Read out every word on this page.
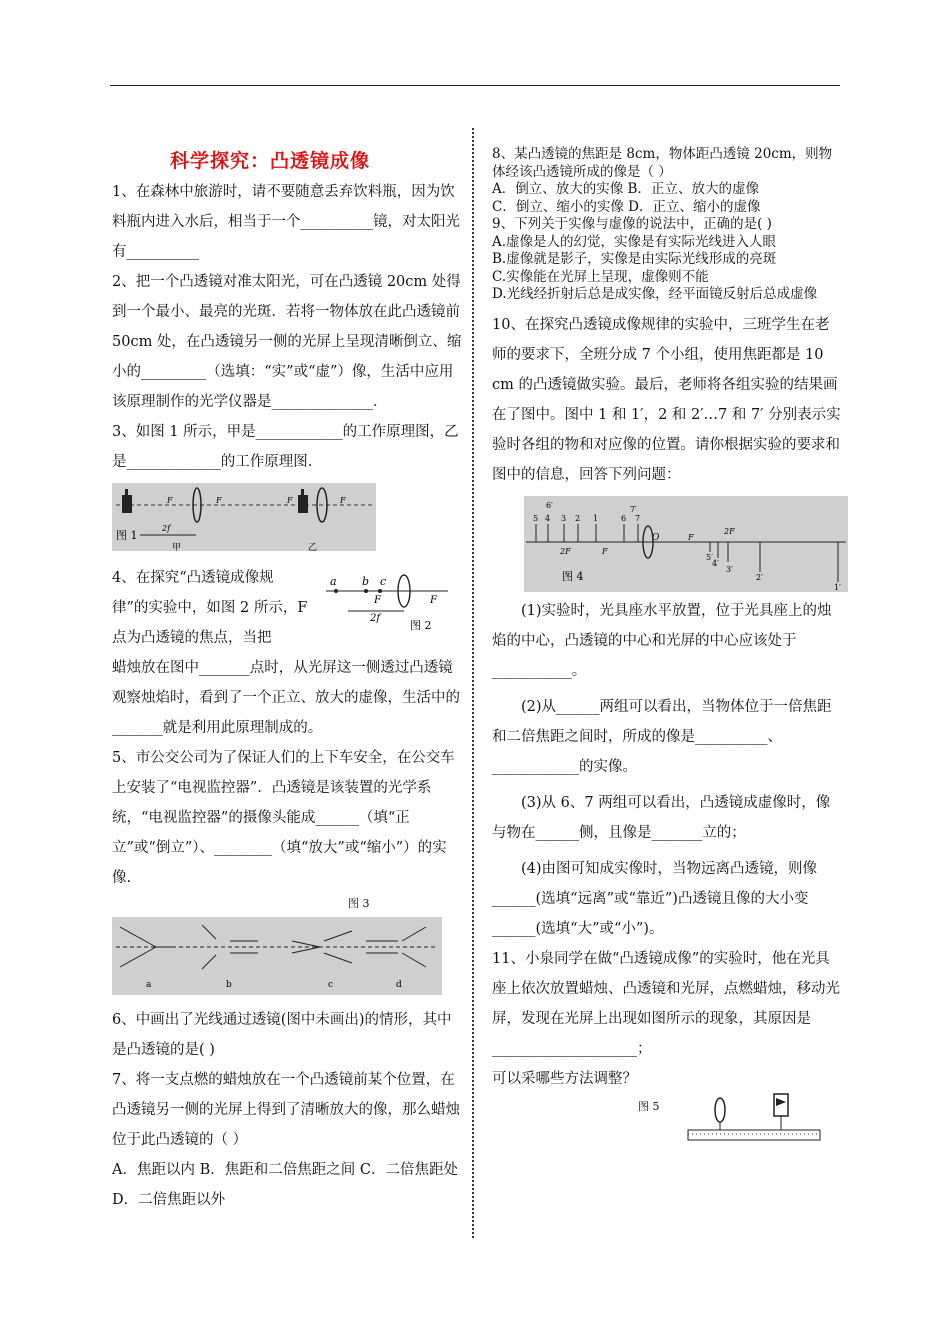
科学探究：凸透镜成像

1、在森林中旅游时，请不要随意丢弃饮料瓶，因为饮料瓶内进入水后，相当于一个__________镜，对太阳光有__________

2、把一个凸透镜对准太阳光，可在凸透镜 20cm 处得到一个最小、最亮的光斑．若将一物体放在此凸透镜前 50cm 处，在凸透镜另一侧的光屏上呈现清晰倒立、缩小的_________（选填：“实”或“虚”）像，生活中应用该原理制作的光学仪器是______________．

3、如图 1 所示，甲是____________的工作原理图，乙是_____________的工作原理图.

F	F
2f
图 1
甲
F	F
乙

4、在探究“凸透镜成像规律”的实验中，如图 2 所示，F 点为凸透镜的焦点，当把

a b c
F	F
2f
图 2

蜡烛放在图中_______点时，从光屏这一侧透过凸透镜观察烛焰时，看到了一个正立、放大的虚像，生活中的_______就是利用此原理制成的。

5、市公交公司为了保证人们的上下车安全，在公交车上安装了“电视监控器”．凸透镜是该装置的光学系统，“电视监控器”的摄像头能成______（填“正立”或“倒立”）、________（填“放大”或“缩小”）的实像.

图 3
a	b	c	d

6、中画出了光线通过透镜(图中未画出)的情形，其中是凸透镜的是( )

7、将一支点燃的蜡烛放在一个凸透镜前某个位置，在凸透镜另一侧的光屏上得到了清晰放大的像，那么蜡烛位于此凸透镜的（ ）

A．焦距以内 B．焦距和二倍焦距之间 C．二倍焦距处 D．二倍焦距以外

8、某凸透镜的焦距是 8cm，物体距凸透镜 20cm，则物体经该凸透镜所成的像是（ ）

A．倒立、放大的实像 B．正立、放大的虚像

C．倒立、缩小的实像 D．正立、缩小的虚像

9、下列关于实像与虚像的说法中，正确的是( )

A.虚像是人的幻觉，实像是有实际光线进入人眼

B.虚像就是影子，实像是由实际光线形成的亮斑

C.实像能在光屏上呈现，虚像则不能

D.光线经折射后总是成实像，经平面镜反射后总成虚像

10、在探究凸透镜成像规律的实验中，三班学生在老师的要求下，全班分成 7 个小组，使用焦距都是 10 cm 的凸透镜做实验。最后，老师将各组实验的结果画在了图中。图中 1 和 1′，2 和 2′…7 和 7′ 分别表示实验时各组的物和对应像的位置。请你根据实验的要求和图中的信息，回答下列问题：

O
2F	F
F
2F
5 4 3 2 1	6 7
6′	7′
5′
4′
3′
2′
1′
图 4

(1)实验时，光具座水平放置，位于光具座上的烛焰的中心，凸透镜的中心和光屏的中心应该处于___________。

(2)从______两组可以看出，当物体位于一倍焦距和二倍焦距之间时，所成的像是__________、____________的实像。

(3)从 6、7 两组可以看出，凸透镜成虚像时，像与物在______侧，且像是_______立的；

(4)由图可知成实像时，当物远离凸透镜，则像______(选填“远离”或“靠近”)凸透镜且像的大小变______(选填“大”或“小”)。

11、小泉同学在做“凸透镜成像”的实验时，他在光具座上依次放置蜡烛、凸透镜和光屏，点燃蜡烛，移动光屏，发现在光屏上出现如图所示的现象，其原因是____________________；

可以采哪些方法调整？

图 5
